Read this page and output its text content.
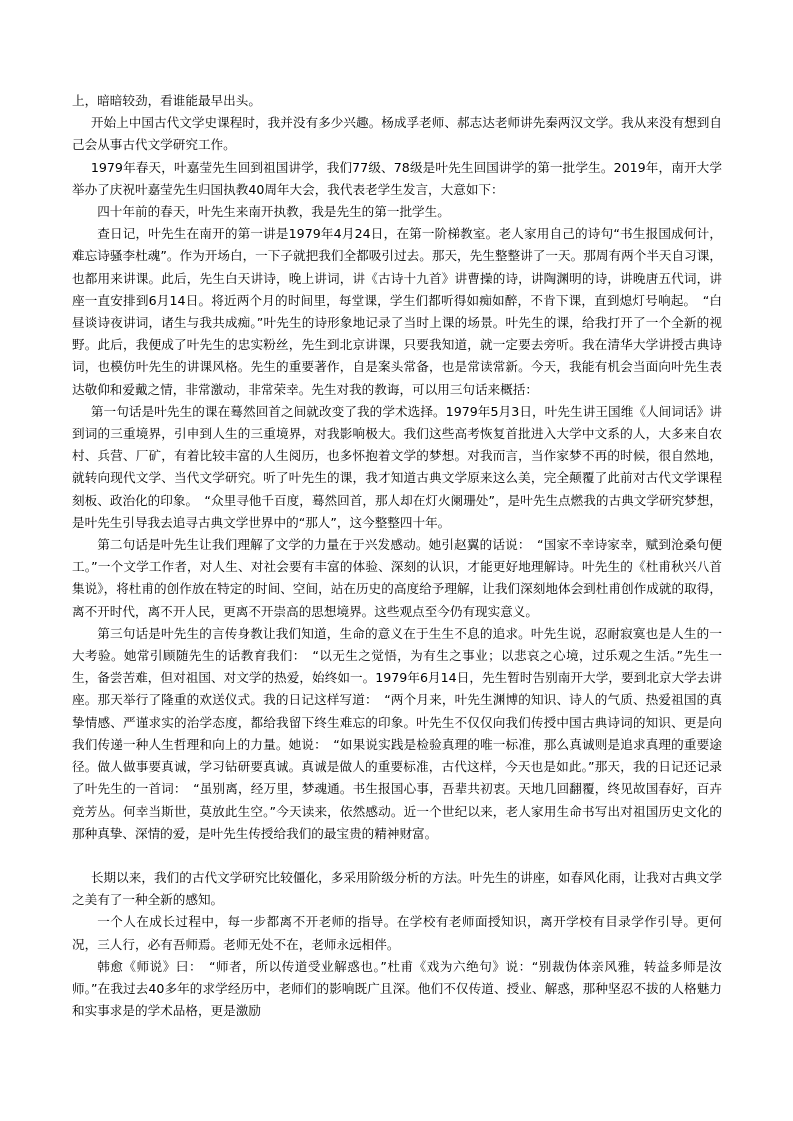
上，暗暗较劲，看谁能最早出头。

开始上中国古代文学史课程时，我并没有多少兴趣。杨成孚老师、郝志达老师讲先秦两汉文学。我从来没有想到自己会从事古代文学研究工作。

1979年春天，叶嘉莹先生回到祖国讲学，我们77级、78级是叶先生回国讲学的第一批学生。2019年，南开大学举办了庆祝叶嘉莹先生归国执教40周年大会，我代表老学生发言，大意如下：

四十年前的春天，叶先生来南开执教，我是先生的第一批学生。

查日记，叶先生在南开的第一讲是1979年4月24日，在第一阶梯教室。老人家用自己的诗句“书生报国成何计，难忘诗骚李杜魂”。作为开场白，一下子就把我们全都吸引过去。那天，先生整整讲了一天。那周有两个半天自习课，也都用来讲课。此后，先生白天讲诗，晚上讲词，讲《古诗十九首》讲曹操的诗，讲陶渊明的诗，讲晚唐五代词，讲座一直安排到6月14日。将近两个月的时间里，每堂课，学生们都听得如痴如醉，不肯下课，直到熄灯号响起。　“白昼谈诗夜讲词，诸生与我共成痴。”叶先生的诗形象地记录了当时上课的场景。叶先生的课，给我打开了一个全新的视野。此后，我便成了叶先生的忠实粉丝，先生到北京讲课，只要我知道，就一定要去旁听。我在清华大学讲授古典诗词，也模仿叶先生的讲课风格。先生的重要著作，自是案头常备，也是常读常新。今天，我能有机会当面向叶先生表达敬仰和爱戴之情，非常激动，非常荣幸。先生对我的教诲，可以用三句话来概括：

第一句话是叶先生的课在蓦然回首之间就改变了我的学术选择。1979年5月3日，叶先生讲王国维《人间词话》讲到词的三重境界，引申到人生的三重境界，对我影响极大。我们这些高考恢复首批进入大学中文系的人，大多来自农村、兵营、厂矿，有着比较丰富的人生阅历，也多怀抱着文学的梦想。对我而言，当作家梦不再的时候，很自然地，就转向现代文学、当代文学研究。听了叶先生的课，我才知道古典文学原来这么美，完全颠覆了此前对古代文学课程刻板、政治化的印象。　“众里寻他千百度，蓦然回首，那人却在灯火阑珊处”，是叶先生点燃我的古典文学研究梦想，是叶先生引导我去追寻古典文学世界中的“那人”，这今整整四十年。

第二句话是叶先生让我们理解了文学的力量在于兴发感动。她引赵翼的话说：　“国家不幸诗家幸，赋到沧桑句便工。”一个文学工作者，对人生、对社会要有丰富的体验、深刻的认识，才能更好地理解诗。叶先生的《杜甫秋兴八首集说》，将杜甫的创作放在特定的时间、空间，站在历史的高度给予理解，让我们深刻地体会到杜甫创作成就的取得，离不开时代，离不开人民，更离不开崇高的思想境界。这些观点至今仍有现实意义。

第三句话是叶先生的言传身教让我们知道，生命的意义在于生生不息的追求。叶先生说，忍耐寂寞也是人生的一大考验。她常引顾随先生的话教育我们：　“以无生之觉悟，为有生之事业；以悲哀之心境，过乐观之生活。”先生一生，备尝苦难，但对祖国、对文学的热爱，始终如一。1979年6月14日，先生暂时告别南开大学，要到北京大学去讲座。那天举行了隆重的欢送仪式。我的日记这样写道：　“两个月来，叶先生渊博的知识、诗人的气质、热爱祖国的真挚情感、严谨求实的治学态度，都给我留下终生难忘的印象。叶先生不仅仅向我们传授中国古典诗词的知识、更是向我们传递一种人生哲理和向上的力量。她说：　“如果说实践是检验真理的唯一标准，那么真诚则是追求真理的重要途径。做人做事要真诚，学习钻研要真诚。真诚是做人的重要标准，古代这样，今天也是如此。”那天，我的日记还记录了叶先生的一首词：　“虽别离，经万里，梦魂通。书生报国心事，吾辈共初衷。天地几回翻覆，终见故国春好，百卉竞芳丛。何幸当斯世，莫放此生空。”今天读来，依然感动。近一个世纪以来，老人家用生命书写出对祖国历史文化的那种真挚、深情的爱，是叶先生传授给我们的最宝贵的精神财富。

长期以来，我们的古代文学研究比较僵化，多采用阶级分析的方法。叶先生的讲座，如春风化雨，让我对古典文学之美有了一种全新的感知。

一个人在成长过程中，每一步都离不开老师的指导。在学校有老师面授知识，离开学校有目录学作引导。更何况，三人行，必有吾师焉。老师无处不在，老师永远相伴。

韩愈《师说》曰：　“师者，所以传道受业解惑也。”杜甫《戏为六绝句》说：“别裁伪体亲风雅，转益多师是汝师。”在我过去40多年的求学经历中，老师们的影响既广且深。他们不仅传道、授业、解惑，那种坚忍不拔的人格魅力和实事求是的学术品格，更是激励
